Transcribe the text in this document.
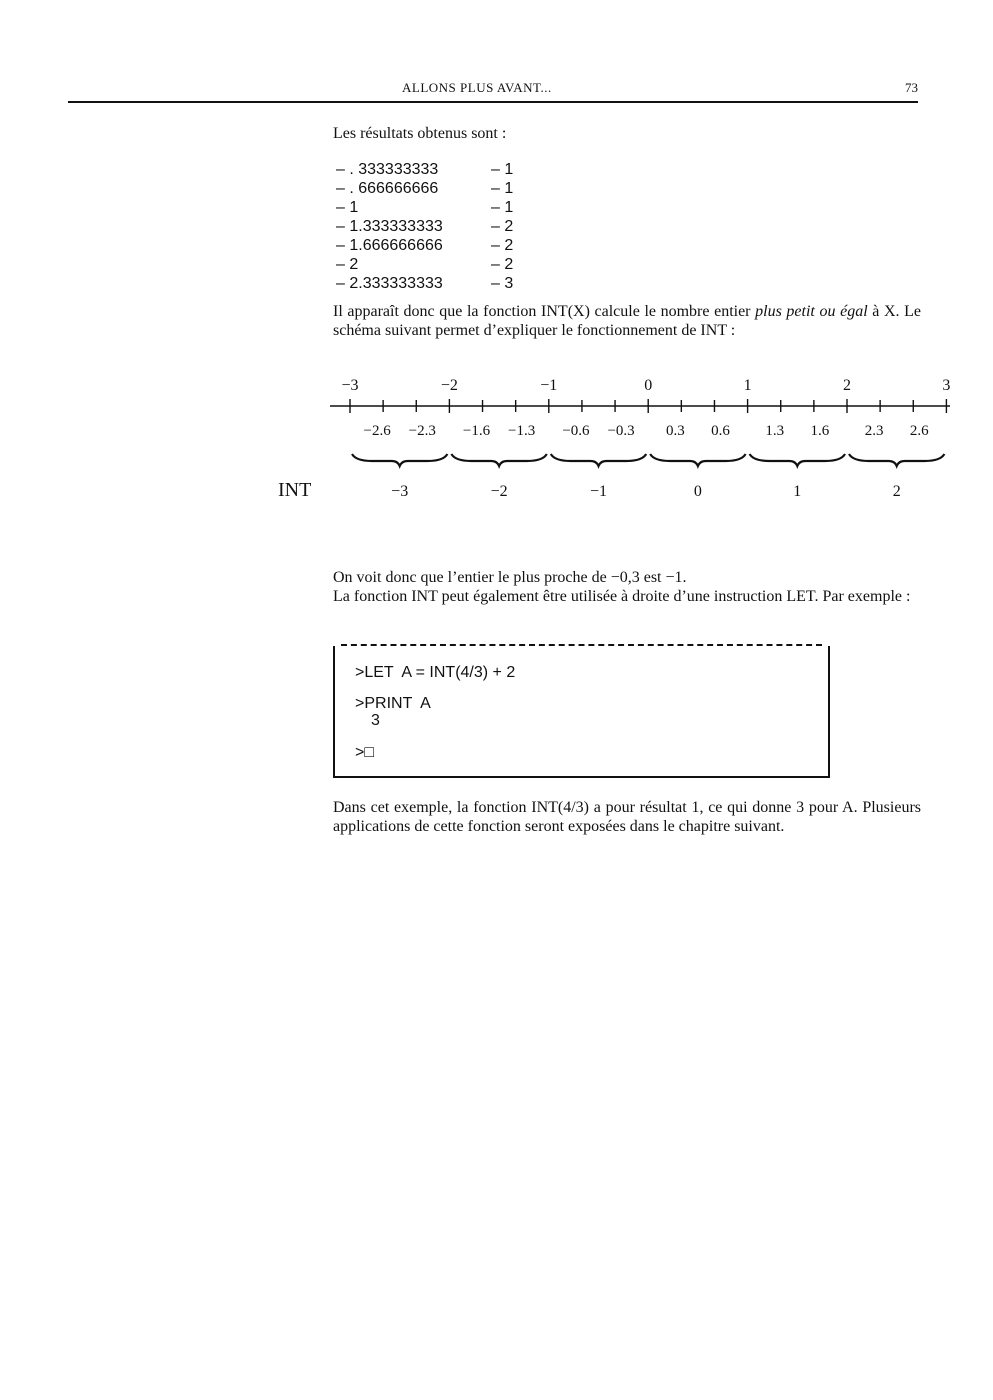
ALLONS PLUS AVANT...	73
Les résultats obtenus sont :
– . 333333333	– 1
– . 666666666	– 1
– 1	– 1
– 1.333333333	– 2
– 1.666666666	– 2
– 2	– 2
– 2.333333333	– 3
Il apparaît donc que la fonction INT(X) calcule le nombre entier plus petit ou égal à X. Le schéma suivant permet d’expliquer le fonctionnement de INT :
−3	−2	−1	0	1	2	3
−2.6 −2.3 −1.6 −1.3 −0.6 −0.3 0.3 0.6 1.3 1.6 2.3 2.6
−3	−2	−1	0	1	2
INT
On voit donc que l’entier le plus proche de −0,3 est −1.
La fonction INT peut également être utilisée à droite d’une instruction LET. Par exemple :
>LET  A = INT(4/3) + 2
>PRINT  A
3
>□
Dans cet exemple, la fonction INT(4/3) a pour résultat 1, ce qui donne 3 pour A. Plusieurs applications de cette fonction seront exposées dans le chapitre suivant.
